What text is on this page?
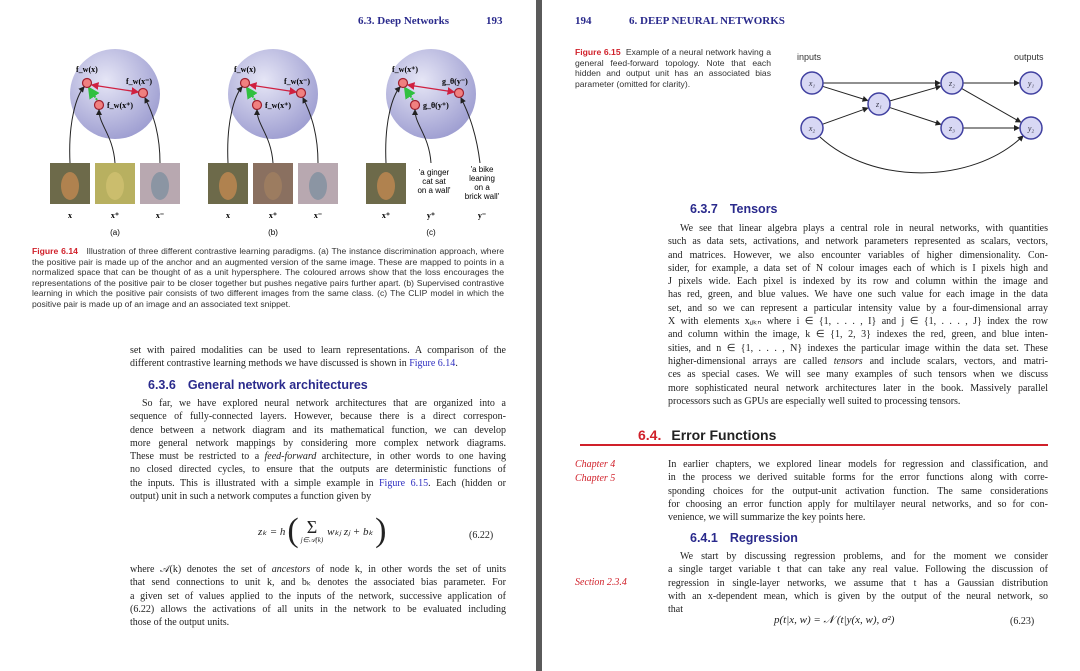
6.3. Deep Networks	193
f_w(x)
f_w(x⁻)
f_w(x⁺)
x	x⁺	x⁻
(a)
f_w(x)
f_w(x⁻)
f_w(x⁺)
x	x⁺	x⁻
(b)
f_w(x⁺)
g_θ(y⁻)
g_θ(y⁺)
'a ginger
cat sat
on a wall'
'a bike
leaning
on a
brick wall'
x⁺	y⁺	y⁻
(c)
Figure 6.14 Illustration of three different contrastive learning paradigms. (a) The instance discrimination approach, where the positive pair is made up of the anchor and an augmented version of the same image. These are mapped to points in a normalized space that can be thought of as a unit hypersphere. The coloured arrows show that the loss encourages the representations of the positive pair to be closer together but pushes negative pairs further apart. (b) Supervised contrastive learning in which the positive pair consists of two different images from the same class. (c) The CLIP model in which the positive pair is made up of an image and an associated text snippet.
set with paired modalities can be used to learn representations. A comparison of the
different contrastive learning methods we have discussed is shown in Figure 6.14.
6.3.6 General network architectures
So far, we have explored neural network architectures that are organized into a
sequence of fully-connected layers. However, because there is a direct correspon-
dence between a network diagram and its mathematical function, we can develop
more general network mappings by considering more complex network diagrams.
These must be restricted to a feed-forward architecture, in other words to one having
no closed directed cycles, to ensure that the outputs are deterministic functions of
the inputs. This is illustrated with a simple example in Figure 6.15. Each (hidden or
output) unit in such a network computes a function given by
zₖ = h ( Σ
j∈𝒜(k)
wₖⱼ zⱼ + bₖ )	(6.22)
where 𝒜(k) denotes the set of ancestors of node k, in other words the set of units
that send connections to unit k, and bₖ denotes the associated bias parameter. For
a given set of values applied to the inputs of the network, successive application of
(6.22) allows the activations of all units in the network to be evaluated including
those of the output units.
194	6. DEEP NEURAL NETWORKS
Figure 6.15 Example of a neural network having a general feed-forward topology. Note that each hidden and output unit has an associated bias parameter (omitted for clarity).
inputs	outputs
x₁
x₂
z₁
z₂
z₃
y₁
y₂
6.3.7 Tensors
We see that linear algebra plays a central role in neural networks, with quantities
such as data sets, activations, and network parameters represented as scalars, vectors,
and matrices. However, we also encounter variables of higher dimensionality. Con-
sider, for example, a data set of N colour images each of which is I pixels high and
J pixels wide. Each pixel is indexed by its row and column within the image and
has red, green, and blue values. We have one such value for each image in the data
set, and so we can represent a particular intensity value by a four-dimensional array
X with elements xᵢⱼₖₙ where i ∈ {1, . . . , I} and j ∈ {1, . . . , J} index the row
and column within the image, k ∈ {1, 2, 3} indexes the red, green, and blue inten-
sities, and n ∈ {1, . . . , N} indexes the particular image within the data set. These
higher-dimensional arrays are called tensors and include scalars, vectors, and matri-
ces as special cases. We will see many examples of such tensors when we discuss
more sophisticated neural network architectures later in the book. Massively parallel
processors such as GPUs are especially well suited to processing tensors.
6.4. Error Functions
Chapter 4
Chapter 5
In earlier chapters, we explored linear models for regression and classification, and
in the process we derived suitable forms for the error functions along with corre-
sponding choices for the output-unit activation function. The same considerations
for choosing an error function apply for multilayer neural networks, and so for con-
venience, we will summarize the key points here.
6.4.1 Regression
Section 2.3.4
We start by discussing regression problems, and for the moment we consider
a single target variable t that can take any real value. Following the discussion of
regression in single-layer networks, we assume that t has a Gaussian distribution
with an x-dependent mean, which is given by the output of the neural network, so
that
p(t|x, w) = 𝒩 (t|y(x, w), σ²)	(6.23)
